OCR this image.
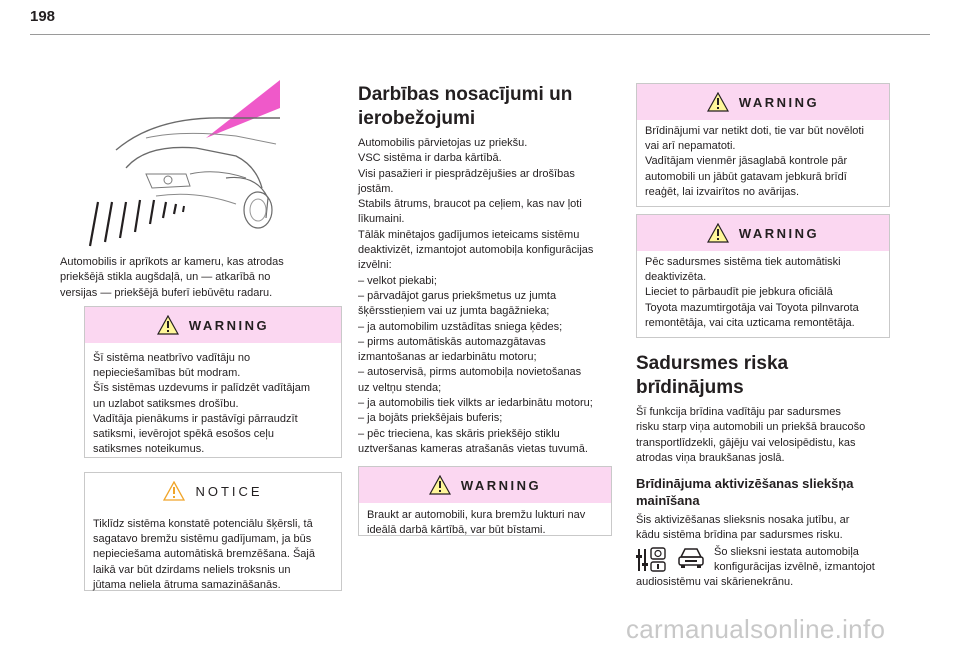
198

Automobilis ir aprīkots ar kameru, kas atrodas
priekšējā stikla augšdaļā, un — atkarībā no
versijas — priekšējā buferī iebūvētu radaru.

WARNING

Šī sistēma neatbrīvo vadītāju no
nepieciešamības būt modram.
Šīs sistēmas uzdevums ir palīdzēt vadītājam
un uzlabot satiksmes drošību.
Vadītāja pienākums ir pastāvīgi pārraudzīt
satiksmi, ievērojot spēkā esošos ceļu
satiksmes noteikumus.

NOTICE

Tiklīdz sistēma konstatē potenciālu šķērsli, tā
sagatavo bremžu sistēmu gadījumam, ja būs
nepieciešama automātiskā bremzēšana. Šajā
laikā var būt dzirdams neliels troksnis un
jūtama neliela ātruma samazināšanās.

Darbības nosacījumi un
ierobežojumi

Automobilis pārvietojas uz priekšu.
VSC sistēma ir darba kārtībā.
Visi pasažieri ir piesprādzējušies ar drošības
jostām.
Stabils ātrums, braucot pa ceļiem, kas nav ļoti
līkumaini.
Tālāk minētajos gadījumos ieteicams sistēmu
deaktivizēt, izmantojot automobiļa konfigurācijas
izvēlni:
– velkot piekabi;
– pārvadājot garus priekšmetus uz jumta
šķērsstieņiem vai uz jumta bagāžnieka;
– ja automobilim uzstādītas sniega ķēdes;
– pirms automātiskās automazgātavas
izmantošanas ar iedarbinātu motoru;
– autoservisā, pirms automobiļa novietošanas
uz veltņu stenda;
– ja automobilis tiek vilkts ar iedarbinātu motoru;
– ja bojāts priekšējais buferis;
– pēc trieciena, kas skāris priekšējo stiklu
uztveršanas kameras atrašanās vietas tuvumā.

WARNING

Braukt ar automobili, kura bremžu lukturi nav
ideālā darbā kārtībā, var būt bīstami.

WARNING

Brīdinājumi var netikt doti, tie var būt novēloti
vai arī nepamatoti.
Vadītājam vienmēr jāsaglabā kontrole pār
automobili un jābūt gatavam jebkurā brīdī
reaģēt, lai izvairītos no avārijas.

WARNING

Pēc sadursmes sistēma tiek automātiski
deaktivizēta.
Lieciet to pārbaudīt pie jebkura oficiālā
Toyota mazumtirgotāja vai Toyota pilnvarota
remontētāja, vai cita uzticama remontētāja.

Sadursmes riska
brīdinājums

Šī funkcija brīdina vadītāju par sadursmes
risku starp viņa automobili un priekšā braucošo
transportlīdzekli, gājēju vai velosipēdistu, kas
atrodas viņa braukšanas joslā.

Brīdinājuma aktivizēšanas sliekšņa
mainīšana

Šis aktivizēšanas slieksnis nosaka jutību, ar
kādu sistēma brīdina par sadursmes risku.

Šo slieksni iestata automobiļa
konfigurācijas izvēlnē, izmantojot

audiosistēmu vai skārienekrānu.

carmanualsonline.info
